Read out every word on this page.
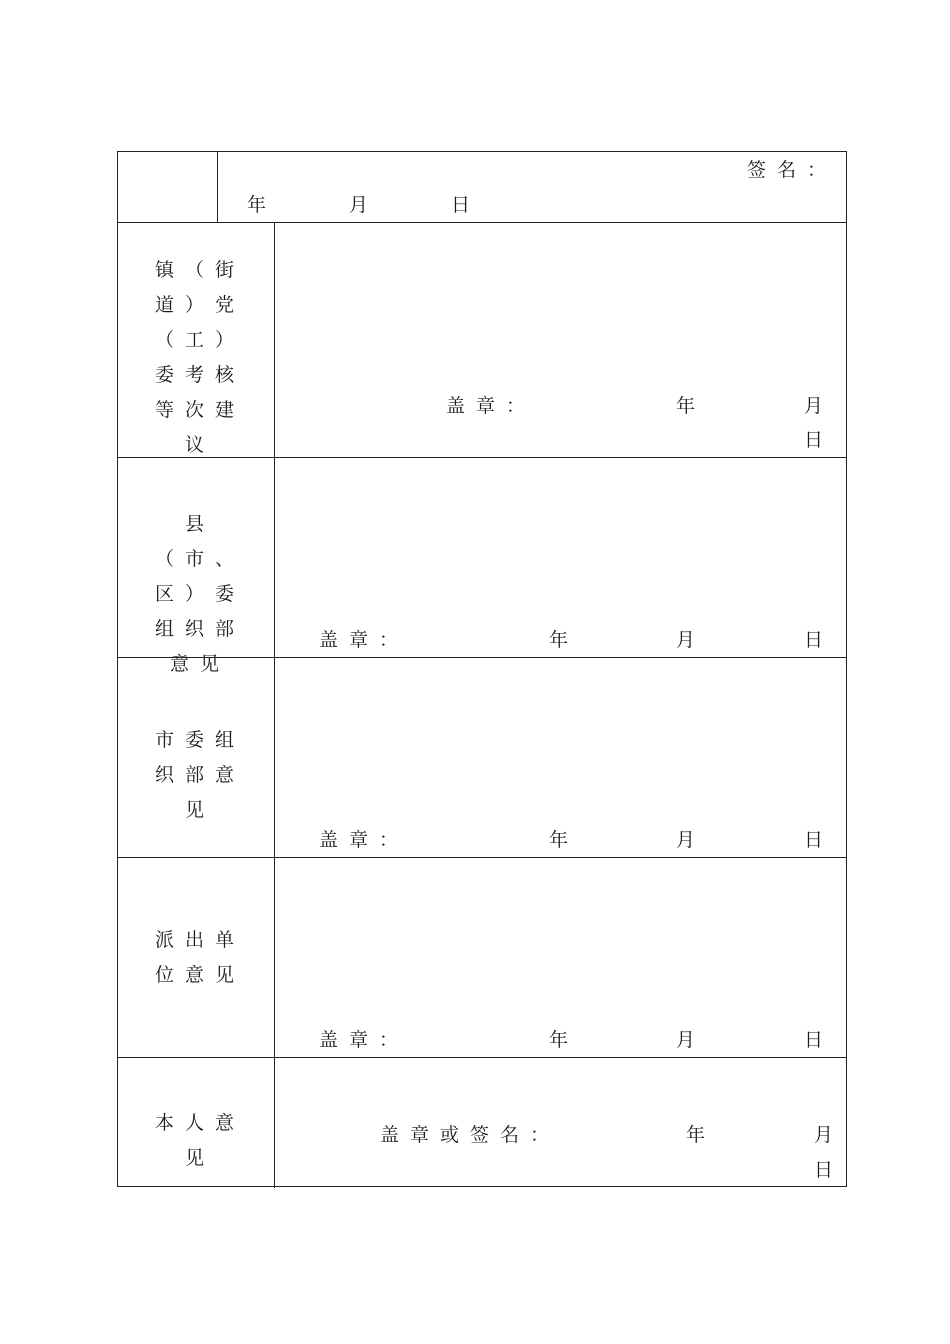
签名：
年	月	日
镇（街道）党（工）委考核等次建议
盖章：	年	月
日
县（市、区）委组织部意见
盖章：	年	月	日
市委组织部意见
盖章：	年	月	日
派出单位意见
盖章：	年	月	日
本人意见
盖章或签名：	年	月
日
